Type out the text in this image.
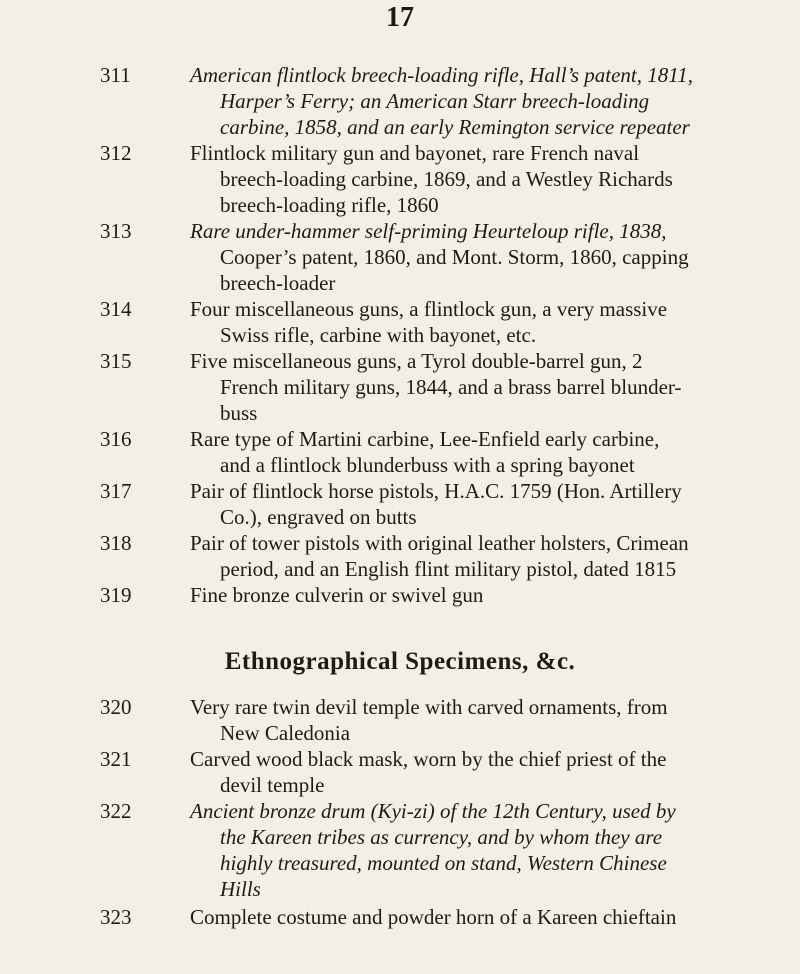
17
311	American flintlock breech-loading rifle, Hall’s patent, 1811,
Harper’s Ferry; an American Starr breech-loading
carbine, 1858, and an early Remington service repeater
312	Flintlock military gun and bayonet, rare French naval
breech-loading carbine, 1869, and a Westley Richards
breech-loading rifle, 1860
313	Rare under-hammer self-priming Heurteloup rifle, 1838,
Cooper’s patent, 1860, and Mont. Storm, 1860, capping
breech-loader
314	Four miscellaneous guns, a flintlock gun, a very massive
Swiss rifle, carbine with bayonet, etc.
315	Five miscellaneous guns, a Tyrol double-barrel gun, 2
French military guns, 1844, and a brass barrel blunder-
buss
316	Rare type of Martini carbine, Lee-Enfield early carbine,
and a flintlock blunderbuss with a spring bayonet
317	Pair of flintlock horse pistols, H.A.C. 1759 (Hon. Artillery
Co.), engraved on butts
318	Pair of tower pistols with original leather holsters, Crimean
period, and an English flint military pistol, dated 1815
319	Fine bronze culverin or swivel gun
Ethnographical Specimens, &c.
320	Very rare twin devil temple with carved ornaments, from
New Caledonia
321	Carved wood black mask, worn by the chief priest of the
devil temple
322	Ancient bronze drum (Kyi-zi) of the 12th Century, used by
the Kareen tribes as currency, and by whom they are
highly treasured, mounted on stand, Western Chinese
Hills
323	Complete costume and powder horn of a Kareen chieftain
